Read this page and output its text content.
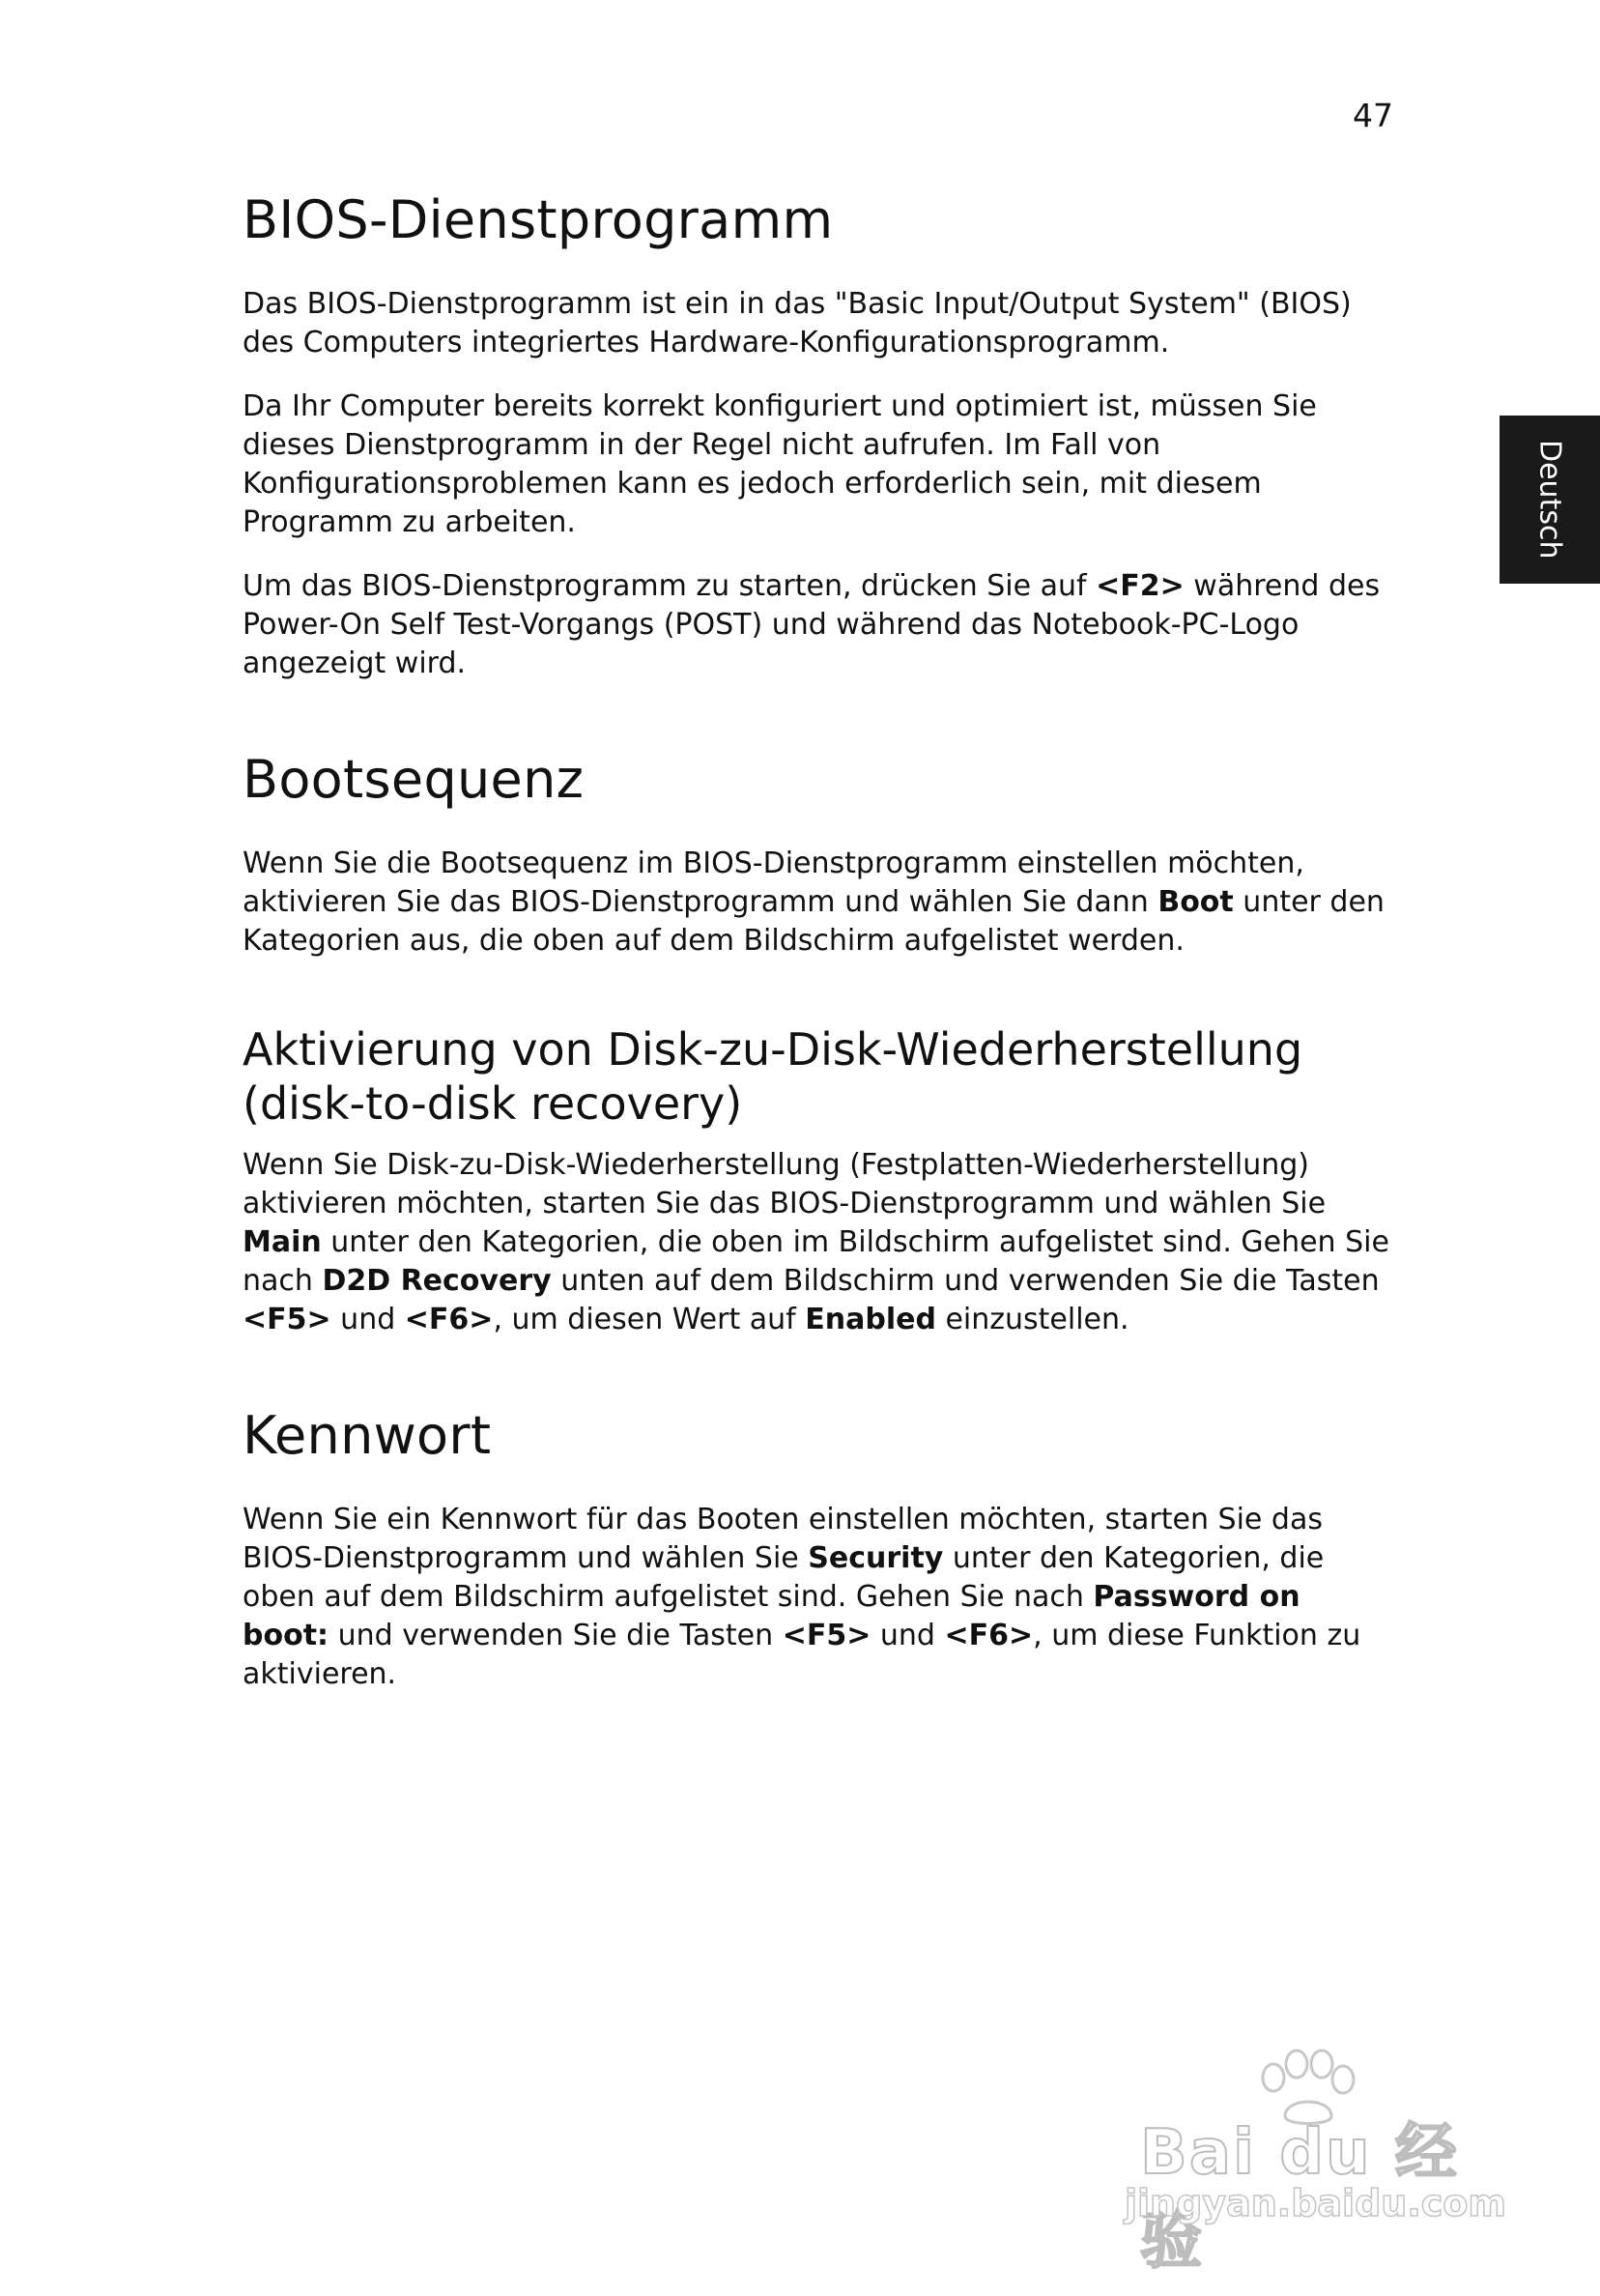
47
Deutsch
BIOS-Dienstprogramm

Das BIOS-Dienstprogramm ist ein in das "Basic Input/Output System" (BIOS) des Computers integriertes Hardware-Konfigurationsprogramm.

Da Ihr Computer bereits korrekt konfiguriert und optimiert ist, müssen Sie dieses Dienstprogramm in der Regel nicht aufrufen. Im Fall von Konfigurationsproblemen kann es jedoch erforderlich sein, mit diesem Programm zu arbeiten.

Um das BIOS-Dienstprogramm zu starten, drücken Sie auf <F2> während des Power-On Self Test-Vorgangs (POST) und während das Notebook-PC-Logo angezeigt wird.

Bootsequenz

Wenn Sie die Bootsequenz im BIOS-Dienstprogramm einstellen möchten, aktivieren Sie das BIOS-Dienstprogramm und wählen Sie dann Boot unter den Kategorien aus, die oben auf dem Bildschirm aufgelistet werden.

Aktivierung von Disk-zu-Disk-Wiederherstellung (disk-to-disk recovery)

Wenn Sie Disk-zu-Disk-Wiederherstellung (Festplatten-Wiederherstellung) aktivieren möchten, starten Sie das BIOS-Dienstprogramm und wählen Sie Main unter den Kategorien, die oben im Bildschirm aufgelistet sind. Gehen Sie nach D2D Recovery unten auf dem Bildschirm und verwenden Sie die Tasten <F5> und <F6>, um diesen Wert auf Enabled einzustellen.

Kennwort

Wenn Sie ein Kennwort für das Booten einstellen möchten, starten Sie das BIOS-Dienstprogramm und wählen Sie Security unter den Kategorien, die oben auf dem Bildschirm aufgelistet sind. Gehen Sie nach Password on boot: und verwenden Sie die Tasten <F5> und <F6>, um diese Funktion zu aktivieren.

Bai du 经验
jingyan.baidu.com
